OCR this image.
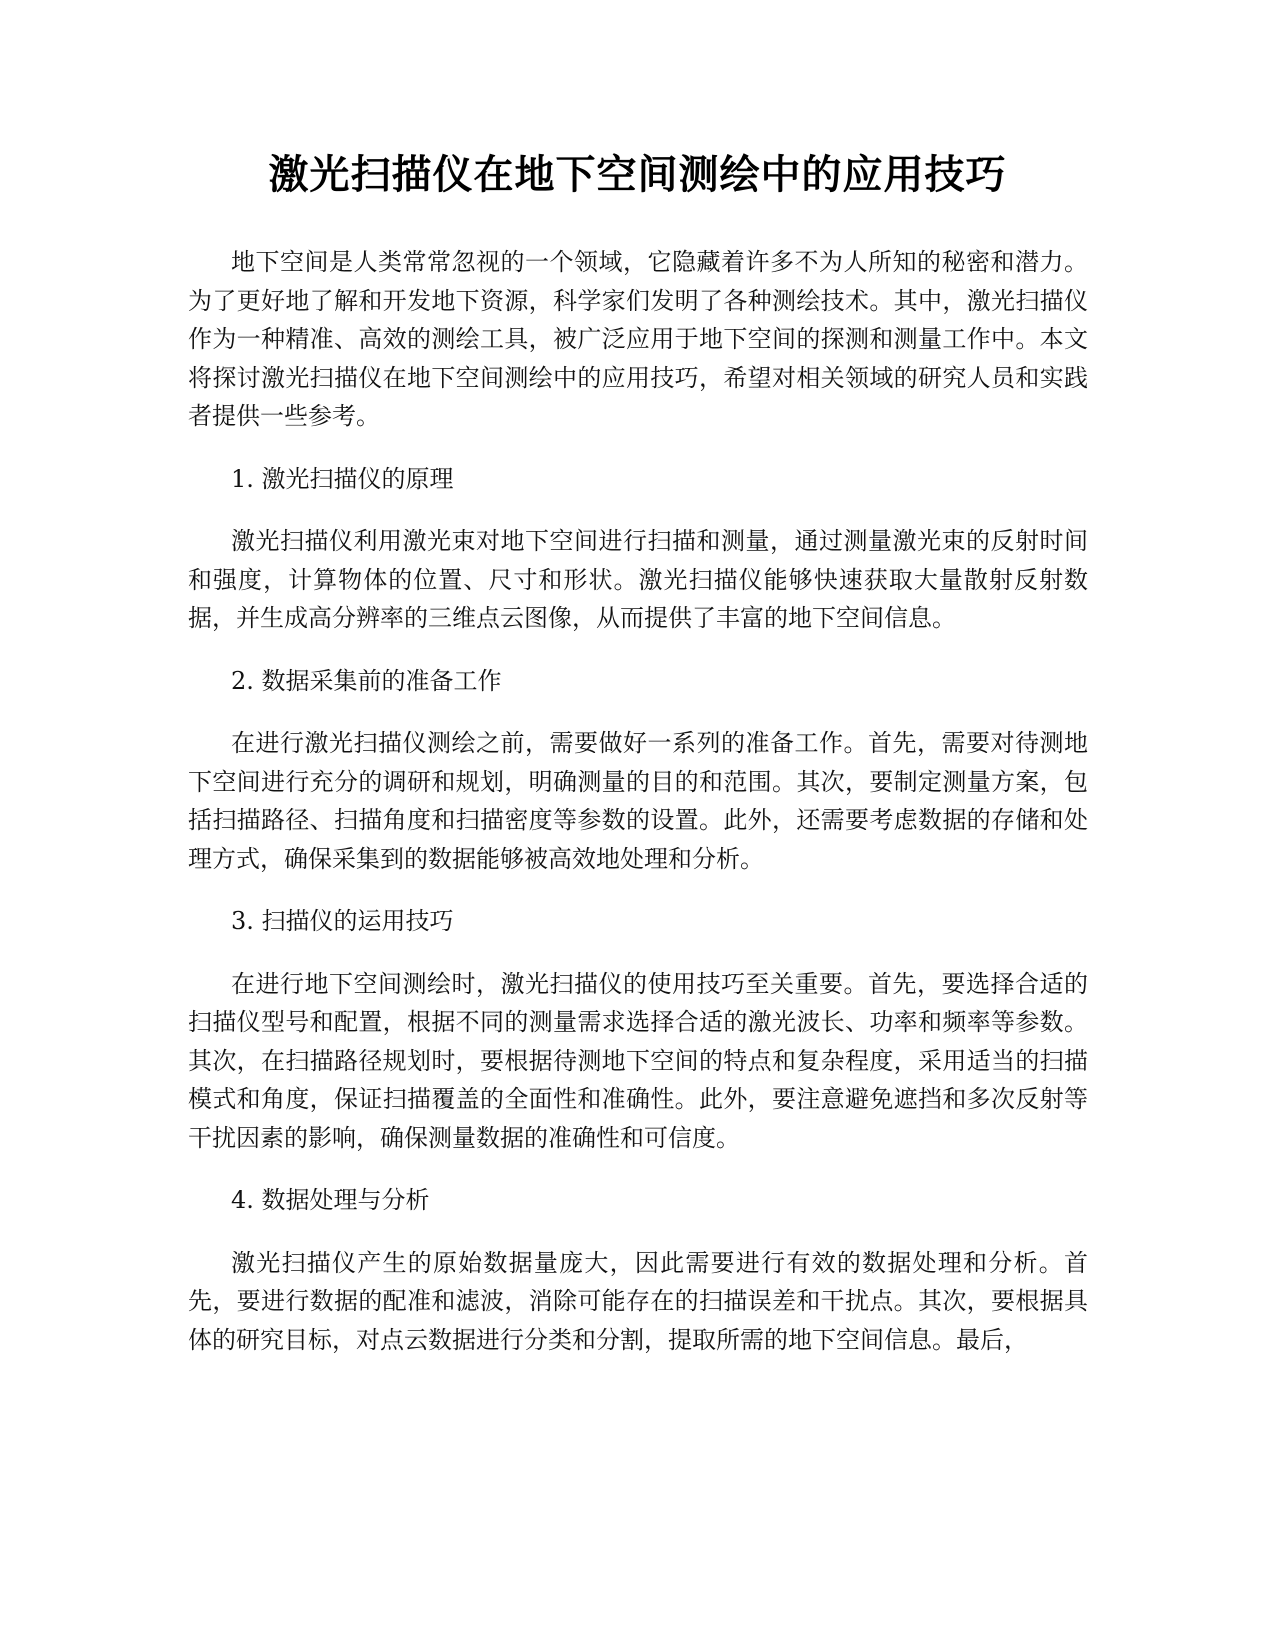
激光扫描仪在地下空间测绘中的应用技巧

地下空间是人类常常忽视的一个领域，它隐藏着许多不为人所知的秘密和潜力。为了更好地了解和开发地下资源，科学家们发明了各种测绘技术。其中，激光扫描仪作为一种精准、高效的测绘工具，被广泛应用于地下空间的探测和测量工作中。本文将探讨激光扫描仪在地下空间测绘中的应用技巧，希望对相关领域的研究人员和实践者提供一些参考。

1. 激光扫描仪的原理

激光扫描仪利用激光束对地下空间进行扫描和测量，通过测量激光束的反射时间和强度，计算物体的位置、尺寸和形状。激光扫描仪能够快速获取大量散射反射数据，并生成高分辨率的三维点云图像，从而提供了丰富的地下空间信息。

2. 数据采集前的准备工作

在进行激光扫描仪测绘之前，需要做好一系列的准备工作。首先，需要对待测地下空间进行充分的调研和规划，明确测量的目的和范围。其次，要制定测量方案，包括扫描路径、扫描角度和扫描密度等参数的设置。此外，还需要考虑数据的存储和处理方式，确保采集到的数据能够被高效地处理和分析。

3. 扫描仪的运用技巧

在进行地下空间测绘时，激光扫描仪的使用技巧至关重要。首先，要选择合适的扫描仪型号和配置，根据不同的测量需求选择合适的激光波长、功率和频率等参数。其次，在扫描路径规划时，要根据待测地下空间的特点和复杂程度，采用适当的扫描模式和角度，保证扫描覆盖的全面性和准确性。此外，要注意避免遮挡和多次反射等干扰因素的影响，确保测量数据的准确性和可信度。

4. 数据处理与分析

激光扫描仪产生的原始数据量庞大，因此需要进行有效的数据处理和分析。首先，要进行数据的配准和滤波，消除可能存在的扫描误差和干扰点。其次，要根据具体的研究目标，对点云数据进行分类和分割，提取所需的地下空间信息。最后，
